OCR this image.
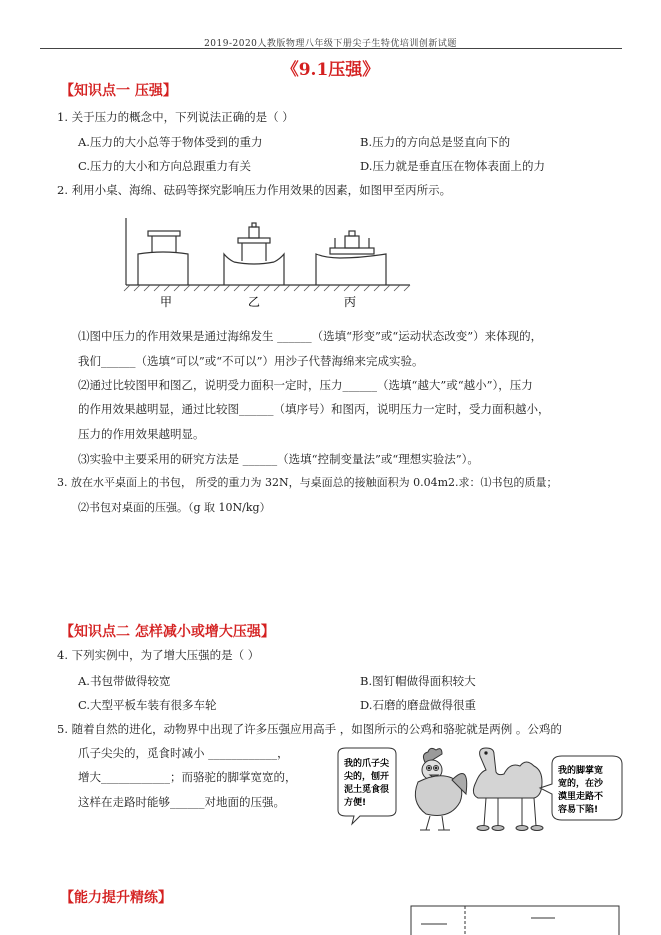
2019-2020人教版物理八年级下册尖子生特优培训创新试题
《9.1压强》
【知识点一 压强】
1. 关于压力的概念中，下列说法正确的是（ ）
A.压力的大小总等于物体受到的重力	B.压力的方向总是竖直向下的
C.压力的大小和方向总跟重力有关	D.压力就是垂直压在物体表面上的力
2. 利用小桌、海绵、砝码等探究影响压力作用效果的因素，如图甲至丙所示。
甲	乙	丙
⑴图中压力的作用效果是通过海绵发生 ______（选填“形变”或“运动状态改变”）来体现的，
我们______（选填“可以”或“不可以”）用沙子代替海绵来完成实验。
⑵通过比较图甲和图乙，说明受力面积一定时，压力______（选填“越大”或“越小”），压力
的作用效果越明显，通过比较图______（填序号）和图丙，说明压力一定时，受力面积越小，
压力的作用效果越明显。
⑶实验中主要采用的研究方法是 ______（选填“控制变量法”或“理想实验法”）。
3. 放在水平桌面上的书包， 所受的重力为 32N，与桌面总的接触面积为 0.04m2.求：⑴书包的质量；
⑵书包对桌面的压强。（g 取 10N/kg）
【知识点二 怎样减小或增大压强】
4. 下列实例中，为了增大压强的是（ ）
A.书包带做得较宽	B.图钉帽做得面积较大
C.大型平板车装有很多车轮	D.石磨的磨盘做得很重
5. 随着自然的进化，动物界中出现了许多压强应用高手 ，如图所示的公鸡和骆驼就是两例 。公鸡的
爪子尖尖的，觅食时减小 ____________，
增大____________；而骆驼的脚掌宽宽的，
这样在走路时能够______对地面的压强。
我的爪子尖
尖的，刨开
泥土觅食很
方便!
我的脚掌宽
宽的，在沙
漠里走路不
容易下陷!
【能力提升精练】
